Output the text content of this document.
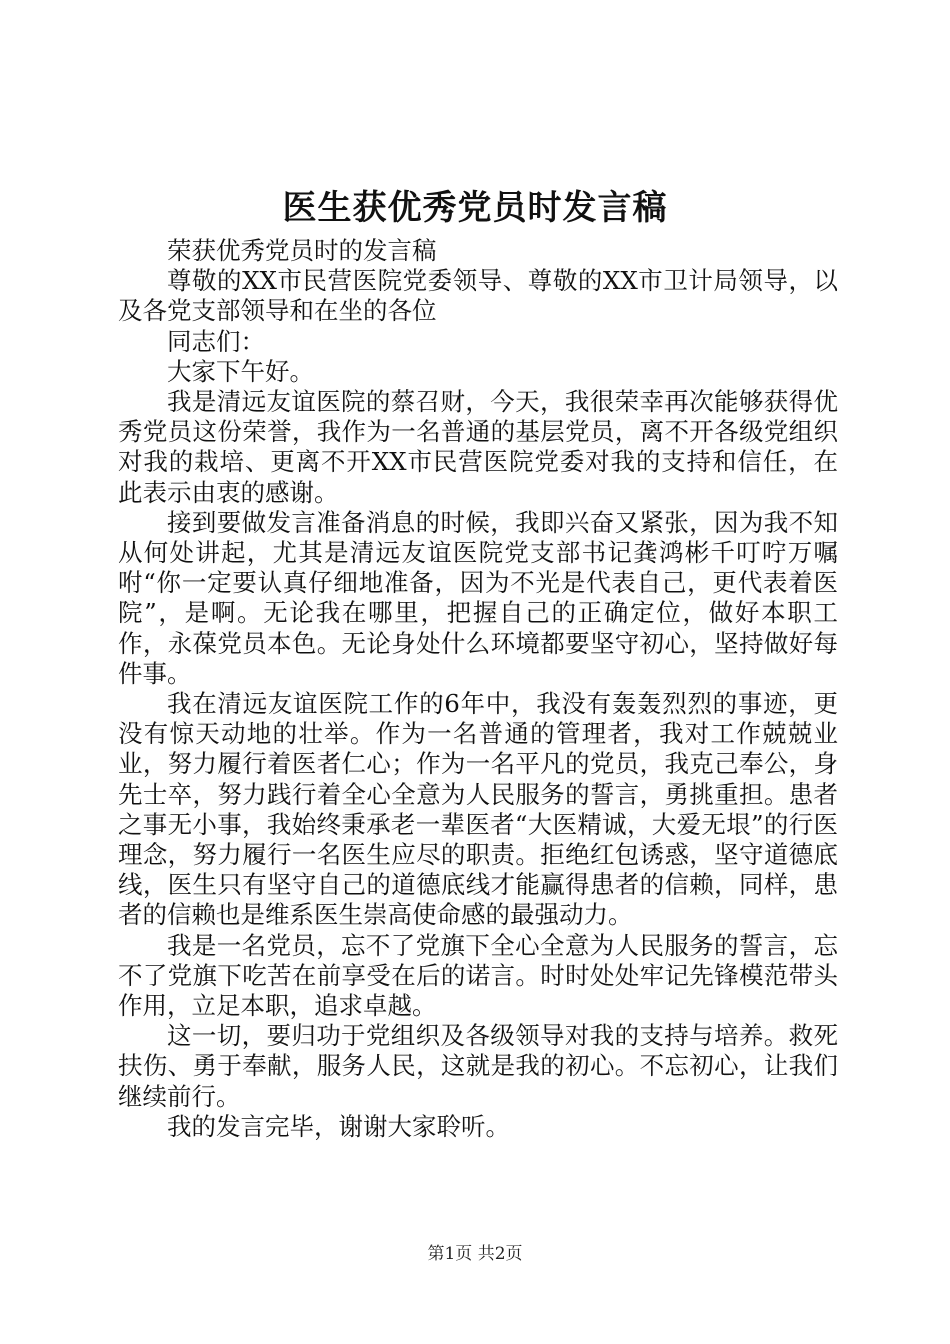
医生获优秀党员时发言稿

荣获优秀党员时的发言稿

尊敬的XX市民营医院党委领导、尊敬的XX市卫计局领导，以及各党支部领导和在坐的各位

同志们：

大家下午好。

我是清远友谊医院的蔡召财，今天，我很荣幸再次能够获得优秀党员这份荣誉，我作为一名普通的基层党员，离不开各级党组织对我的栽培、更离不开XX市民营医院党委对我的支持和信任，在此表示由衷的感谢。

接到要做发言准备消息的时候，我即兴奋又紧张，因为我不知从何处讲起，尤其是清远友谊医院党支部书记龚鸿彬千叮咛万嘱咐“你一定要认真仔细地准备，因为不光是代表自己，更代表着医院”，是啊。无论我在哪里，把握自己的正确定位，做好本职工作，永葆党员本色。无论身处什么环境都要坚守初心，坚持做好每件事。

我在清远友谊医院工作的6年中，我没有轰轰烈烈的事迹，更没有惊天动地的壮举。作为一名普通的管理者，我对工作兢兢业业，努力履行着医者仁心；作为一名平凡的党员，我克己奉公，身先士卒，努力践行着全心全意为人民服务的誓言，勇挑重担。患者之事无小事，我始终秉承老一辈医者“大医精诚，大爱无垠”的行医理念，努力履行一名医生应尽的职责。拒绝红包诱惑，坚守道德底线，医生只有坚守自己的道德底线才能赢得患者的信赖，同样，患者的信赖也是维系医生崇高使命感的最强动力。

我是一名党员，忘不了党旗下全心全意为人民服务的誓言，忘不了党旗下吃苦在前享受在后的诺言。时时处处牢记先锋模范带头作用，立足本职，追求卓越。

这一切，要归功于党组织及各级领导对我的支持与培养。救死扶伤、勇于奉献，服务人民，这就是我的初心。不忘初心，让我们继续前行。

我的发言完毕，谢谢大家聆听。

第1页 共2页
